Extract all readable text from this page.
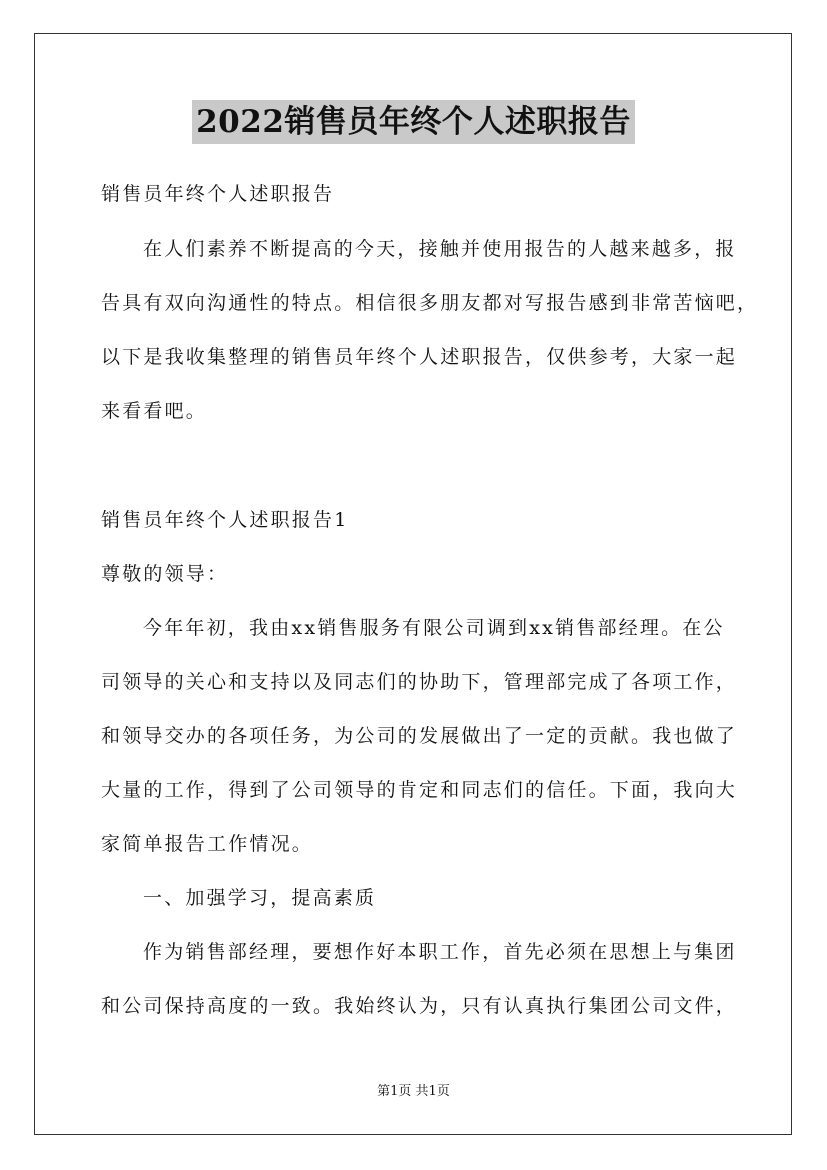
2022销售员年终个人述职报告
销售员年终个人述职报告
在人们素养不断提高的今天，接触并使用报告的人越来越多，报
告具有双向沟通性的特点。相信很多朋友都对写报告感到非常苦恼吧，
以下是我收集整理的销售员年终个人述职报告，仅供参考，大家一起
来看看吧。
销售员年终个人述职报告1
尊敬的领导：
今年年初，我由xx销售服务有限公司调到xx销售部经理。在公
司领导的关心和支持以及同志们的协助下，管理部完成了各项工作，
和领导交办的各项任务，为公司的发展做出了一定的贡献。我也做了
大量的工作，得到了公司领导的肯定和同志们的信任。下面，我向大
家简单报告工作情况。
一、加强学习，提高素质
作为销售部经理，要想作好本职工作，首先必须在思想上与集团
和公司保持高度的一致。我始终认为，只有认真执行集团公司文件，
第1页 共1页
